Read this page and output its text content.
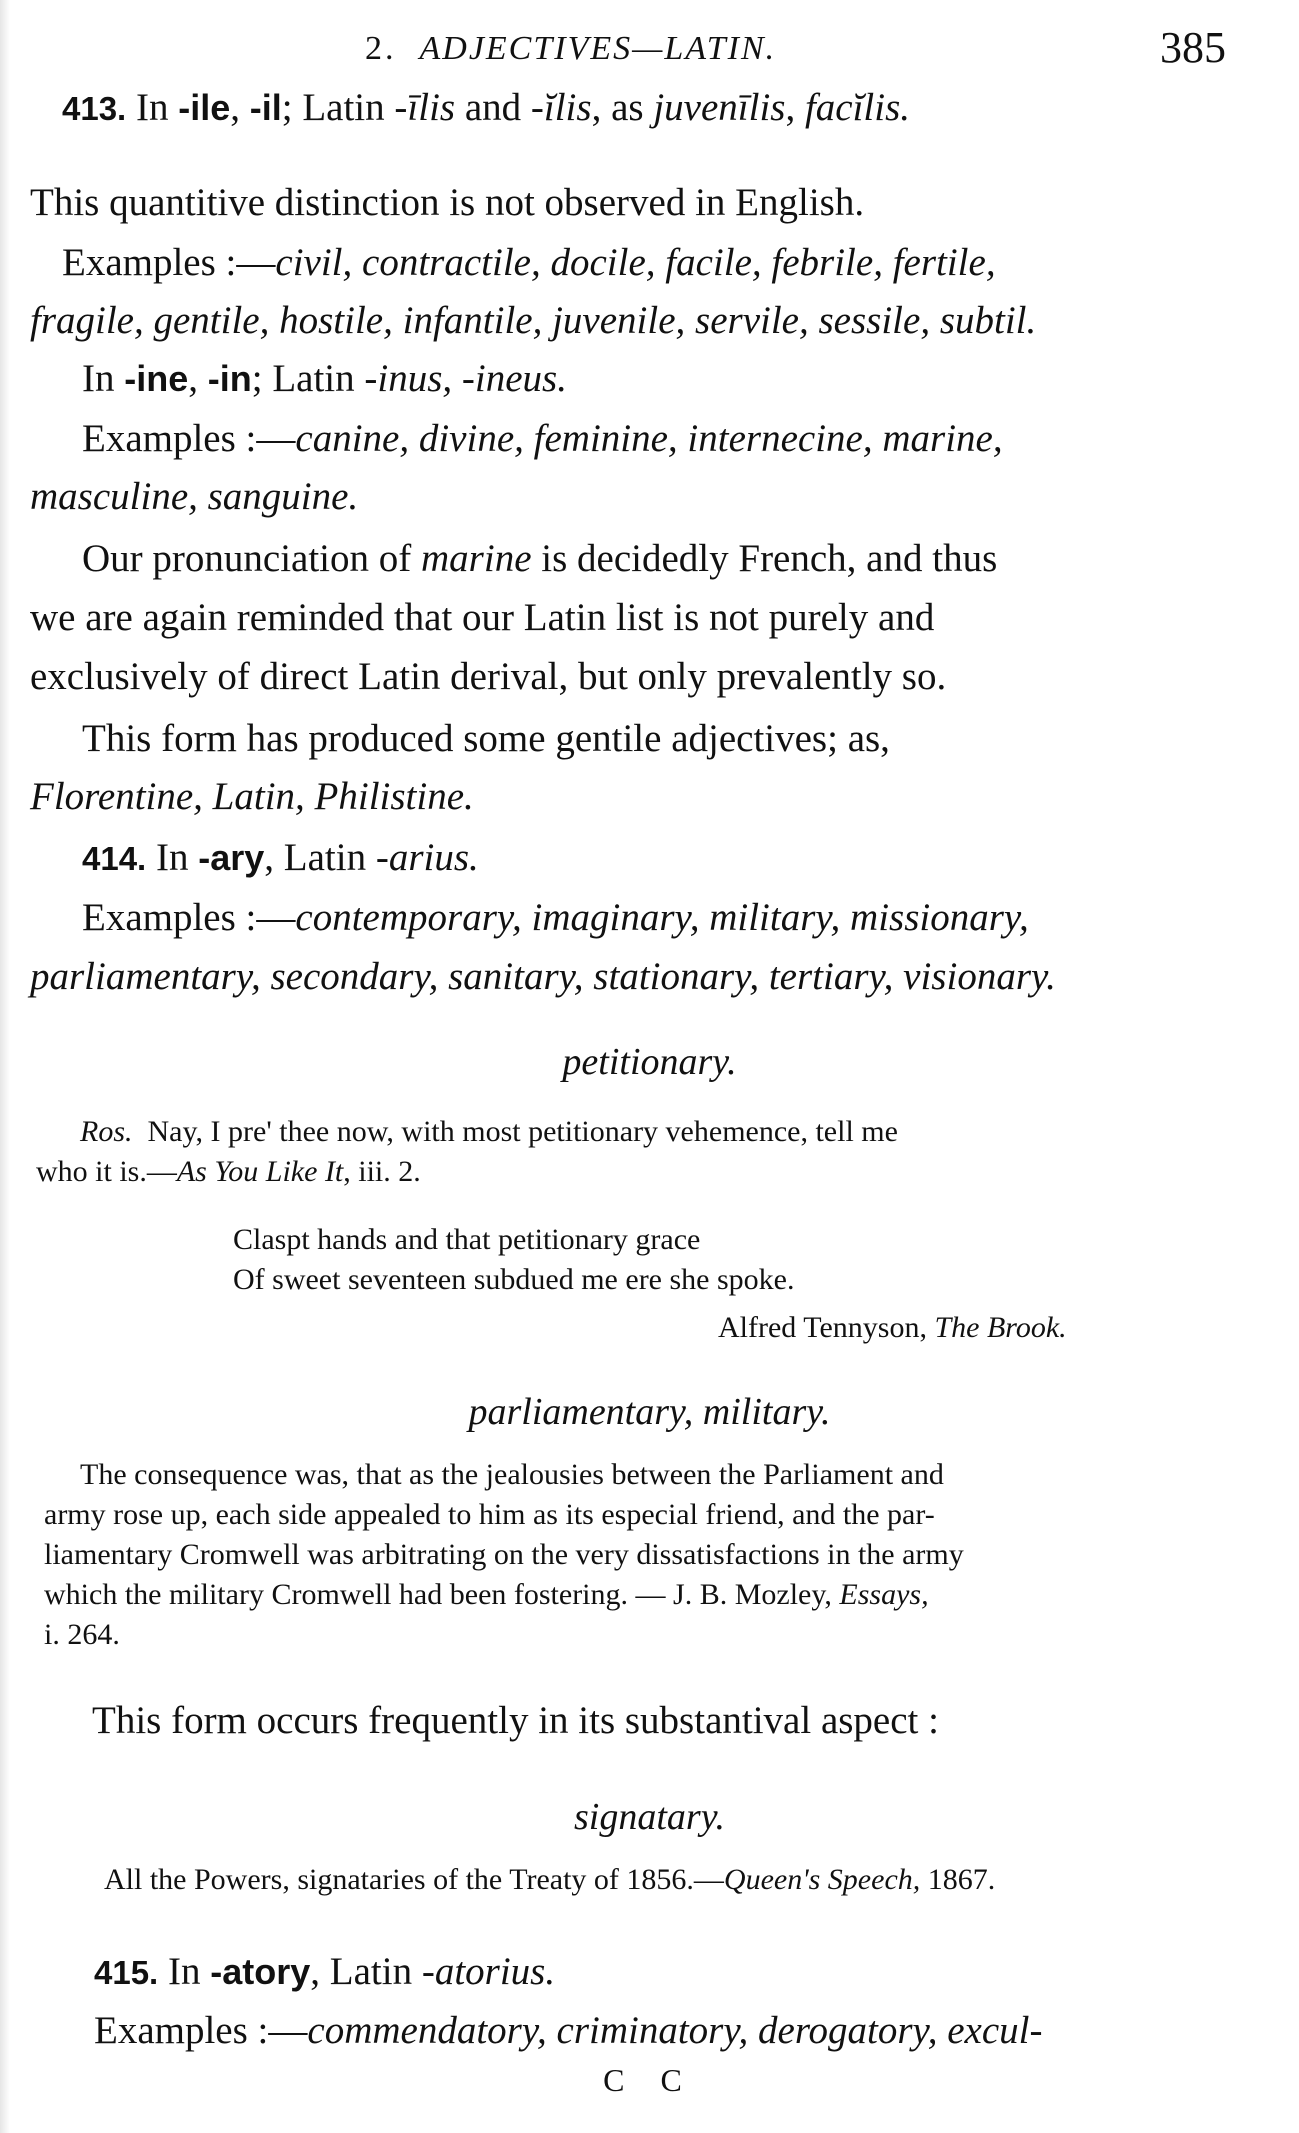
2. ADJECTIVES—LATIN.	385
413. In -ile, -il; Latin -īlis and -ĭlis, as juvenīlis, facĭlis.
This quantitive distinction is not observed in English.
Examples :—civil, contractile, docile, facile, febrile, fertile,
fragile, gentile, hostile, infantile, juvenile, servile, sessile, subtil.
In -ine, -in; Latin -inus, -ineus.
Examples :—canine, divine, feminine, internecine, marine,
masculine, sanguine.
Our pronunciation of marine is decidedly French, and thus
we are again reminded that our Latin list is not purely and
exclusively of direct Latin derival, but only prevalently so.
This form has produced some gentile adjectives; as,
Florentine, Latin, Philistine.
414. In -ary, Latin -arius.
Examples :—contemporary, imaginary, military, missionary,
parliamentary, secondary, sanitary, stationary, tertiary, visionary.
petitionary.
Ros. Nay, I pre' thee now, with most petitionary vehemence, tell me
who it is.—As You Like It, iii. 2.
Claspt hands and that petitionary grace
Of sweet seventeen subdued me ere she spoke.
Alfred Tennyson, The Brook.
parliamentary, military.
The consequence was, that as the jealousies between the Parliament and
army rose up, each side appealed to him as its especial friend, and the par-
liamentary Cromwell was arbitrating on the very dissatisfactions in the army
which the military Cromwell had been fostering. — J. B. Mozley, Essays,
i. 264.
This form occurs frequently in its substantival aspect :
signatary.
All the Powers, signataries of the Treaty of 1856.—Queen's Speech, 1867.
415. In -atory, Latin -atorius.
Examples :—commendatory, criminatory, derogatory, excul-
C C
